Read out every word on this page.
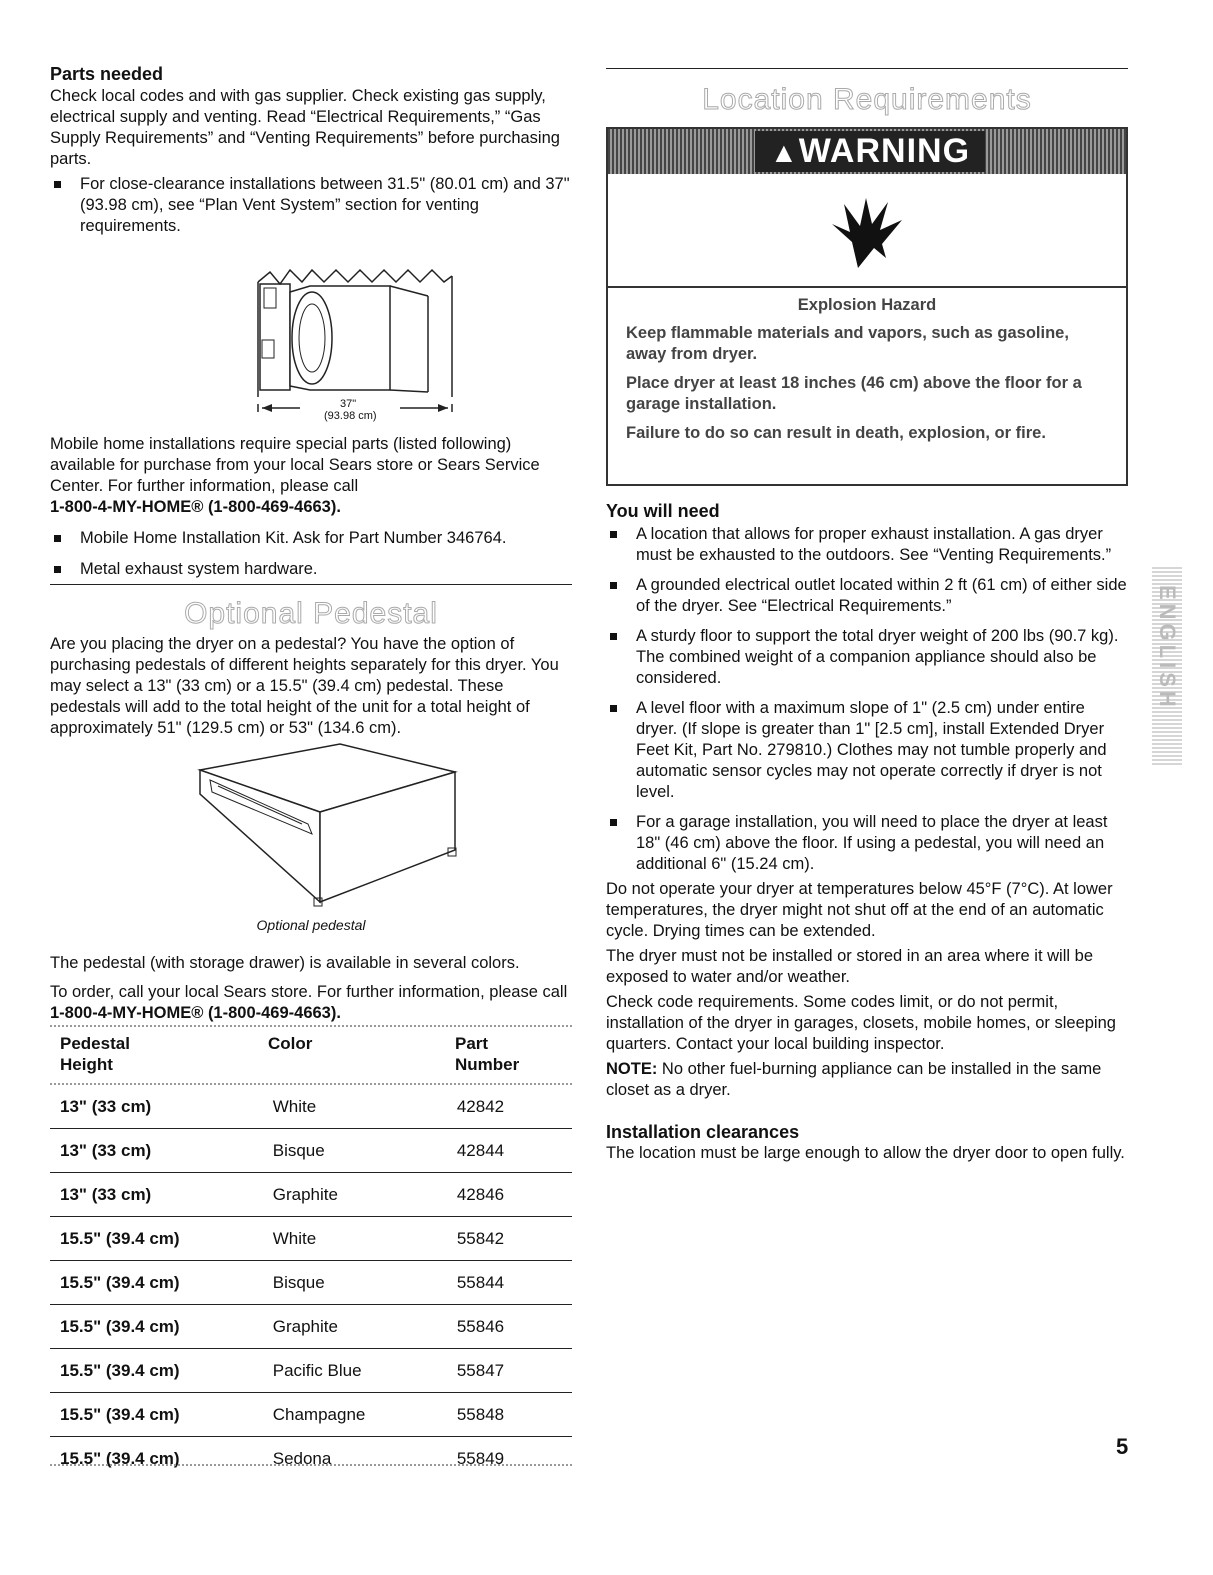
Parts needed

Check local codes and with gas supplier. Check existing gas supply, electrical supply and venting. Read “Electrical Requirements,” “Gas Supply Requirements” and “Venting Requirements” before purchasing parts.

For close-clearance installations between 31.5" (80.01 cm) and 37" (93.98 cm), see “Plan Vent System” section for venting requirements.
37"
(93.98 cm)

Mobile home installations require special parts (listed following) available for purchase from your local Sears store or Sears Service Center. For further information, please call
1-800-4-MY-HOME® (1-800-469-4663).

Mobile Home Installation Kit. Ask for Part Number 346764.
Metal exhaust system hardware.
Optional Pedestal

Are you placing the dryer on a pedestal? You have the option of purchasing pedestals of different heights separately for this dryer. You may select a 13" (33 cm) or a 15.5" (39.4 cm) pedestal. These pedestals will add to the total height of the unit for a total height of approximately 51" (129.5 cm) or 53" (134.6 cm).

Optional pedestal

The pedestal (with storage drawer) is available in several colors.

To order, call your local Sears store. For further information, please call
1-800-4-MY-HOME® (1-800-469-4663).

Pedestal
Height
Color	Part
Number
13" (33 cm)	White	42842
13" (33 cm)	Bisque	42844
13" (33 cm)	Graphite	42846
15.5" (39.4 cm)	White	55842
15.5" (39.4 cm)	Bisque	55844
15.5" (39.4 cm)	Graphite	55846
15.5" (39.4 cm)	Pacific Blue	55847
15.5" (39.4 cm)	Champagne	55848
15.5" (39.4 cm)	Sedona	55849
Location Requirements
▲WARNING
Explosion Hazard
Keep flammable materials and vapors, such as gasoline, away from dryer.
Place dryer at least 18 inches (46 cm) above the floor for a garage installation.
Failure to do so can result in death, explosion, or fire.
You will need
A location that allows for proper exhaust installation. A gas dryer must be exhausted to the outdoors. See “Venting Requirements.”
A grounded electrical outlet located within 2 ft (61 cm) of either side of the dryer. See “Electrical Requirements.”
A sturdy floor to support the total dryer weight of 200 lbs (90.7 kg). The combined weight of a companion appliance should also be considered.
A level floor with a maximum slope of 1" (2.5 cm) under entire dryer. (If slope is greater than 1" [2.5 cm], install Extended Dryer Feet Kit, Part No. 279810.) Clothes may not tumble properly and automatic sensor cycles may not operate correctly if dryer is not level.
For a garage installation, you will need to place the dryer at least 18" (46 cm) above the floor. If using a pedestal, you will need an additional 6" (15.24 cm).

Do not operate your dryer at temperatures below 45°F (7°C). At lower temperatures, the dryer might not shut off at the end of an automatic cycle. Drying times can be extended.

The dryer must not be installed or stored in an area where it will be exposed to water and/or weather.

Check code requirements. Some codes limit, or do not permit, installation of the dryer in garages, closets, mobile homes, or sleeping quarters. Contact your local building inspector.

NOTE: No other fuel-burning appliance can be installed in the same closet as a dryer.

Installation clearances

The location must be large enough to allow the dryer door to open fully.

ENGLISH
5
